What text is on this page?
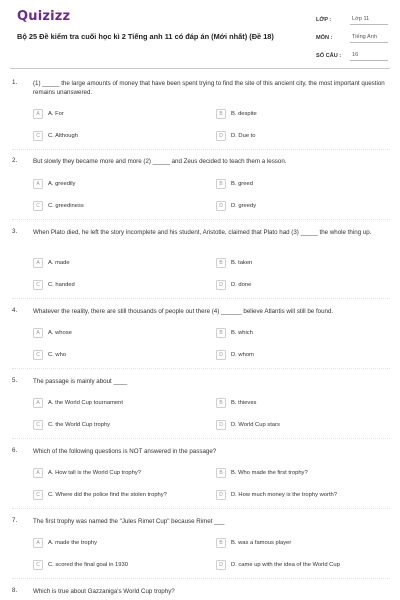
Quizizz
Bộ 25 Đề kiểm tra cuối học kì 2 Tiếng anh 11 có đáp án (Mới nhất) (Đề 18)
LỚP :	Lớp 11
MÔN :	Tiếng Anh
SỐ CÂU :	16
1.	(1) _____ the large amounts of money that have been spent trying to find the site of this ancient city, the most important question remains unanswered.
A	A. For	B	B. despite
C	C. Although	D	D. Due to
2.	But slowly they became more and more (2) _____ and Zeus decided to teach them a lesson.
A	A. greedily	B	B. greed
C	C. greediness	D	D. greedy
3.	When Plato died, he left the story incomplete and his student, Aristotle, claimed that Plato had (3) _____ the whole thing up.
A	A. made	B	B. taken
C	C. handed	D	D. done
4.	Whatever the reality, there are still thousands of people out there (4) ______ believe Atlantis will still be found.
A	A. whose	B	B. which
C	C. who	D	D. whom
5.	The passage is mainly about ____
A	A. the World Cup tournament	B	B. thieves
C	C. the World Cup trophy	D	D. World Cup stars
6.	Which of the following questions is NOT answered in the passage?
A	A. How tall is the World Cup trophy?	B	B. Who made the first trophy?
C	C. Where did the police find the stolen trophy?	D	D. How much money is the trophy worth?
7.	The first trophy was named the "Jules Rimet Cup" because Rimet ___
A	A. made the trophy	B	B. was a famous player
C	C. scored the final goal in 1930	D	D. came up with the idea of the World Cup
8.	Which is true about Gazzaniga's World Cup trophy?
